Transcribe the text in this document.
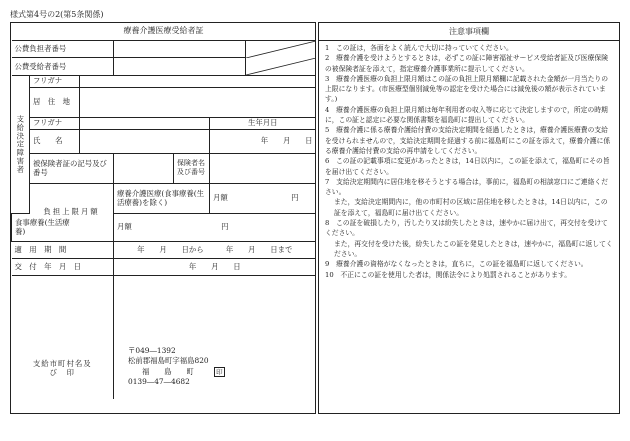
様式第4号の2(第5条関係)
療養介護医療受給者証						
公費負担者番号	

公費受給者番号	

支給決定障害者	フリガナ					
	居　住　地					
	フリガナ				生年月日	
	氏　　名				年　　月　　日	
	被保険者証の記号及び番号			保険者名及び番号		
	負担上限月額		療養介護医療(食事療養(生活療養)を除く)		月額 円	

食事療養(生活療養)			月額 円			

適　用　期　間			年　　月　　日から　　　年　　月　　日まで			
交　付　年　月　日			年　　月　　日			
支給市町村名及　び　印			〒049―1392
松前郡福島町字福島820
福　　島　　町 印
0139―47―4682			
注意事項欄

1　この証は，各面をよく読んで大切に持っていてください。

2　療養介護を受けようとするときは，必ずこの証に障害福祉サービス受給者証及び医療保険の被保険者証を添えて，指定療養介護事業所に提示してください。

3　療養介護医療の負担上限月額はこの証の負担上限月額欄に記載された金額が一月当たりの上限になります。(市医療型個別減免等の認定を受けた場合には減免後の額が表示されています。)

4　療養介護医療の負担上限月額は毎年利用者の収入等に応じて決定しますので，所定の時期に，この証と認定に必要な関係書類を福島町に提出してください。

5　療養介護に係る療養介護給付費の支給決定期間を経過したときは，療養介護医療費の支給を受けられませんので，支給決定期間を経過する前に福島町にこの証を添えて，療養介護に係る療養介護給付費の支給の再申請をしてください。

6　この証の記載事項に変更があったときは，14日以内に，この証を添えて，福島町にその旨を届け出てください。

7　支給決定期間内に居住地を移そうとする場合は，事前に，福島町の相談窓口にご連絡ください。

また，支給決定期間内に，他の市町村の区域に居住地を移したときは，14日以内に，この証を添えて，福島町に届け出てください。

8　この証を破損したり，汚したり又は紛失したときは，速やかに届け出て，再交付を受けてください。

また，再交付を受けた後，紛失したこの証を発見したときは，速やかに，福島町に返してください。

9　療養介護の資格がなくなったときは，直ちに，この証を福島町に返してください。

10　不正にこの証を使用した者は，関係法令により処罰されることがあります。
